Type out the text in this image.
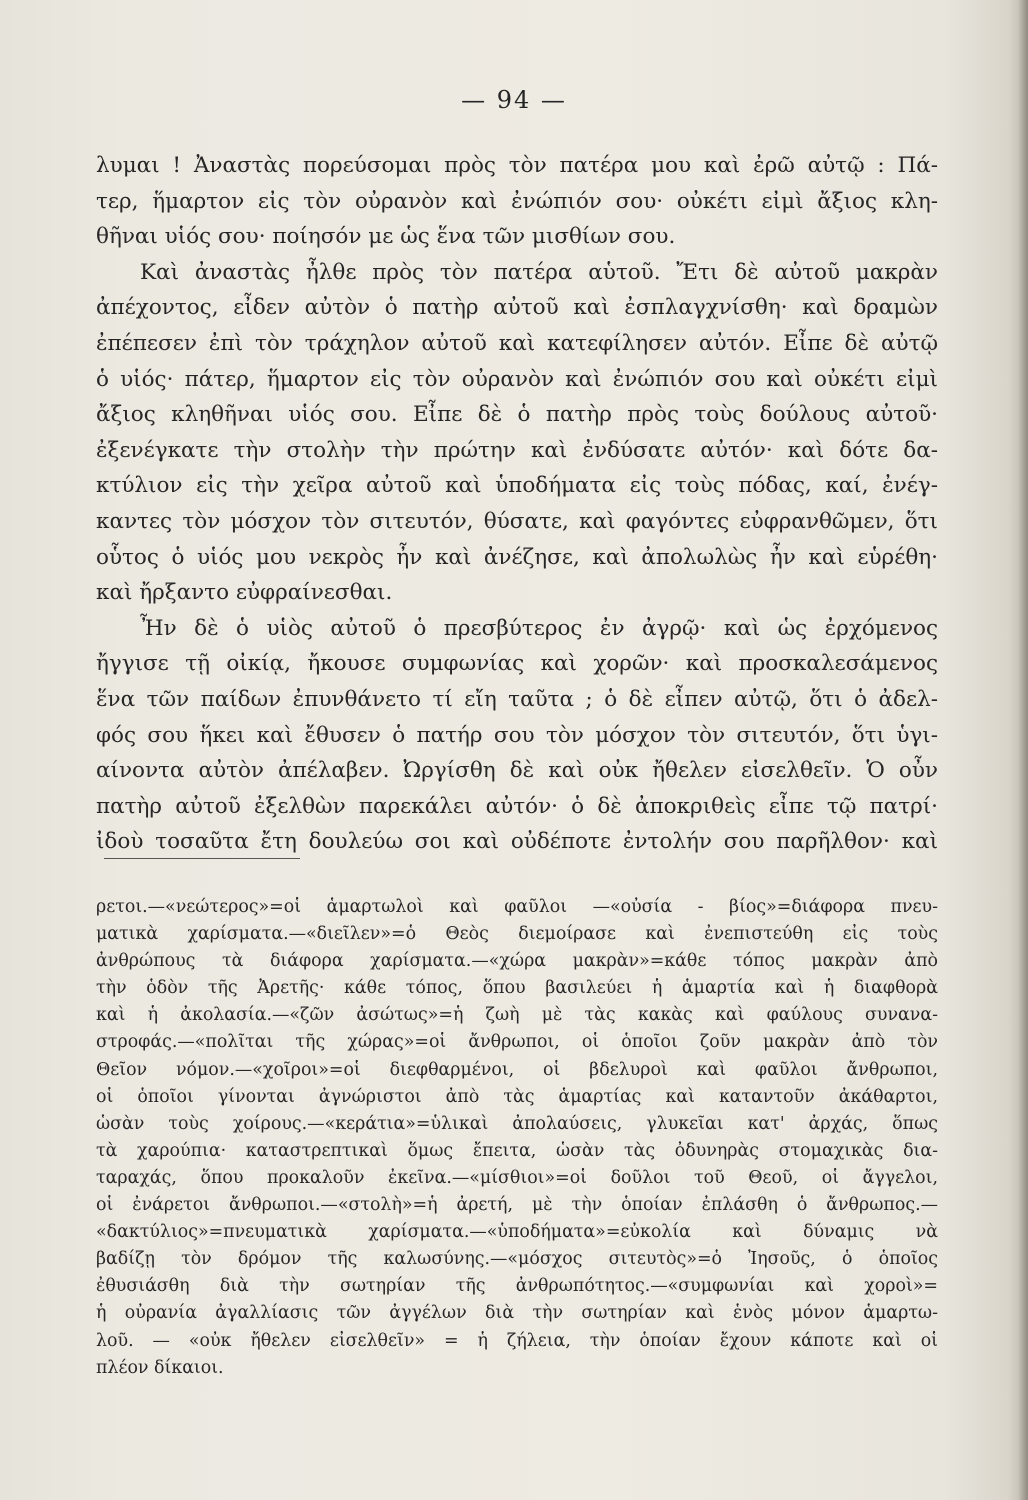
— 94 —
λυμαι ! Ἀναστὰς πορεύσομαι πρὸς τὸν πατέρα μου καὶ ἐρῶ αὐτῷ : Πά-
τερ, ἥμαρτον εἰς τὸν οὐρανὸν καὶ ἐνώπιόν σου· οὐκέτι εἰμὶ ἄξιος κλη-
θῆναι υἱός σου· ποίησόν με ὡς ἕνα τῶν μισθίων σου.
Καὶ ἀναστὰς ἦλθε πρὸς τὸν πατέρα αὑτοῦ. Ἔτι δὲ αὐτοῦ μακρὰν
ἀπέχοντος, εἶδεν αὐτὸν ὁ πατὴρ αὐτοῦ καὶ ἐσπλαγχνίσθη· καὶ δραμὼν
ἐπέπεσεν ἐπὶ τὸν τράχηλον αὐτοῦ καὶ κατεφίλησεν αὐτόν. Εἶπε δὲ αὐτῷ
ὁ υἱός· πάτερ, ἥμαρτον εἰς τὸν οὐρανὸν καὶ ἐνώπιόν σου καὶ οὐκέτι εἰμὶ
ἄξιος κληθῆναι υἱός σου. Εἶπε δὲ ὁ πατὴρ πρὸς τοὺς δούλους αὐτοῦ·
ἐξενέγκατε τὴν στολὴν τὴν πρώτην καὶ ἐνδύσατε αὐτόν· καὶ δότε δα-
κτύλιον εἰς τὴν χεῖρα αὐτοῦ καὶ ὑποδήματα εἰς τοὺς πόδας, καί, ἐνέγ-
καντες τὸν μόσχον τὸν σιτευτόν, θύσατε, καὶ φαγόντες εὐφρανθῶμεν, ὅτι
οὗτος ὁ υἱός μου νεκρὸς ἦν καὶ ἀνέζησε, καὶ ἀπολωλὼς ἦν καὶ εὑρέθη·
καὶ ἤρξαντο εὐφραίνεσθαι.
Ἦν δὲ ὁ υἱὸς αὐτοῦ ὁ πρεσβύτερος ἐν ἀγρῷ· καὶ ὡς ἐρχόμενος
ἤγγισε τῇ οἰκίᾳ, ἤκουσε συμφωνίας καὶ χορῶν· καὶ προσκαλεσάμενος
ἕνα τῶν παίδων ἐπυνθάνετο τί εἴη ταῦτα ; ὁ δὲ εἶπεν αὐτῷ, ὅτι ὁ ἀδελ-
φός σου ἥκει καὶ ἔθυσεν ὁ πατήρ σου τὸν μόσχον τὸν σιτευτόν, ὅτι ὑγι-
αίνοντα αὐτὸν ἀπέλαβεν. Ὠργίσθη δὲ καὶ οὐκ ἤθελεν εἰσελθεῖν. Ὁ οὖν
πατὴρ αὐτοῦ ἐξελθὼν παρεκάλει αὐτόν· ὁ δὲ ἀποκριθεὶς εἶπε τῷ πατρί·
ἰδοὺ τοσαῦτα ἔτη δουλεύω σοι καὶ οὐδέποτε ἐντολήν σου παρῆλθον· καὶ
ρετοι.—«νεώτερος»=οἱ ἁμαρτωλοὶ καὶ φαῦλοι —«οὐσία - βίος»=διάφορα πνευ-
ματικὰ χαρίσματα.—«διεῖλεν»=ὁ Θεὸς διεμοίρασε καὶ ἐνεπιστεύθη εἰς τοὺς
ἀνθρώπους τὰ διάφορα χαρίσματα.—«χώρα μακρὰν»=κάθε τόπος μακρὰν ἀπὸ
τὴν ὁδὸν τῆς Ἀρετῆς· κάθε τόπος, ὅπου βασιλεύει ἡ ἁμαρτία καὶ ἡ διαφθορὰ
καὶ ἡ ἀκολασία.—«ζῶν ἀσώτως»=ἡ ζωὴ μὲ τὰς κακὰς καὶ φαύλους συνανα-
στροφάς.—«πολῖται τῆς χώρας»=οἱ ἄνθρωποι, οἱ ὁποῖοι ζοῦν μακρὰν ἀπὸ τὸν
Θεῖον νόμον.—«χοῖροι»=οἱ διεφθαρμένοι, οἱ βδελυροὶ καὶ φαῦλοι ἄνθρωποι,
οἱ ὁποῖοι γίνονται ἀγνώριστοι ἀπὸ τὰς ἁμαρτίας καὶ καταντοῦν ἀκάθαρτοι,
ὡσὰν τοὺς χοίρους.—«κεράτια»=ὑλικαὶ ἀπολαύσεις, γλυκεῖαι κατ' ἀρχάς, ὅπως
τὰ χαρούπια· καταστρεπτικαὶ ὅμως ἔπειτα, ὡσὰν τὰς ὀδυνηρὰς στομαχικὰς δια-
ταραχάς, ὅπου προκαλοῦν ἐκεῖνα.—«μίσθιοι»=οἱ δοῦλοι τοῦ Θεοῦ, οἱ ἄγγελοι,
οἱ ἐνάρετοι ἄνθρωποι.—«στολὴ»=ἡ ἀρετή, μὲ τὴν ὁποίαν ἐπλάσθη ὁ ἄνθρωπος.—
«δακτύλιος»=πνευματικὰ χαρίσματα.—«ὑποδήματα»=εὐκολία καὶ δύναμις νὰ
βαδίζῃ τὸν δρόμον τῆς καλωσύνης.—«μόσχος σιτευτὸς»=ὁ Ἰησοῦς, ὁ ὁποῖος
ἐθυσιάσθη διὰ τὴν σωτηρίαν τῆς ἀνθρωπότητος.—«συμφωνίαι καὶ χοροὶ»=
ἡ οὐρανία ἀγαλλίασις τῶν ἀγγέλων διὰ τὴν σωτηρίαν καὶ ἑνὸς μόνον ἁμαρτω-
λοῦ. — «οὐκ ἤθελεν εἰσελθεῖν» = ἡ ζήλεια, τὴν ὁποίαν ἔχουν κάποτε καὶ οἱ
πλέον δίκαιοι.
